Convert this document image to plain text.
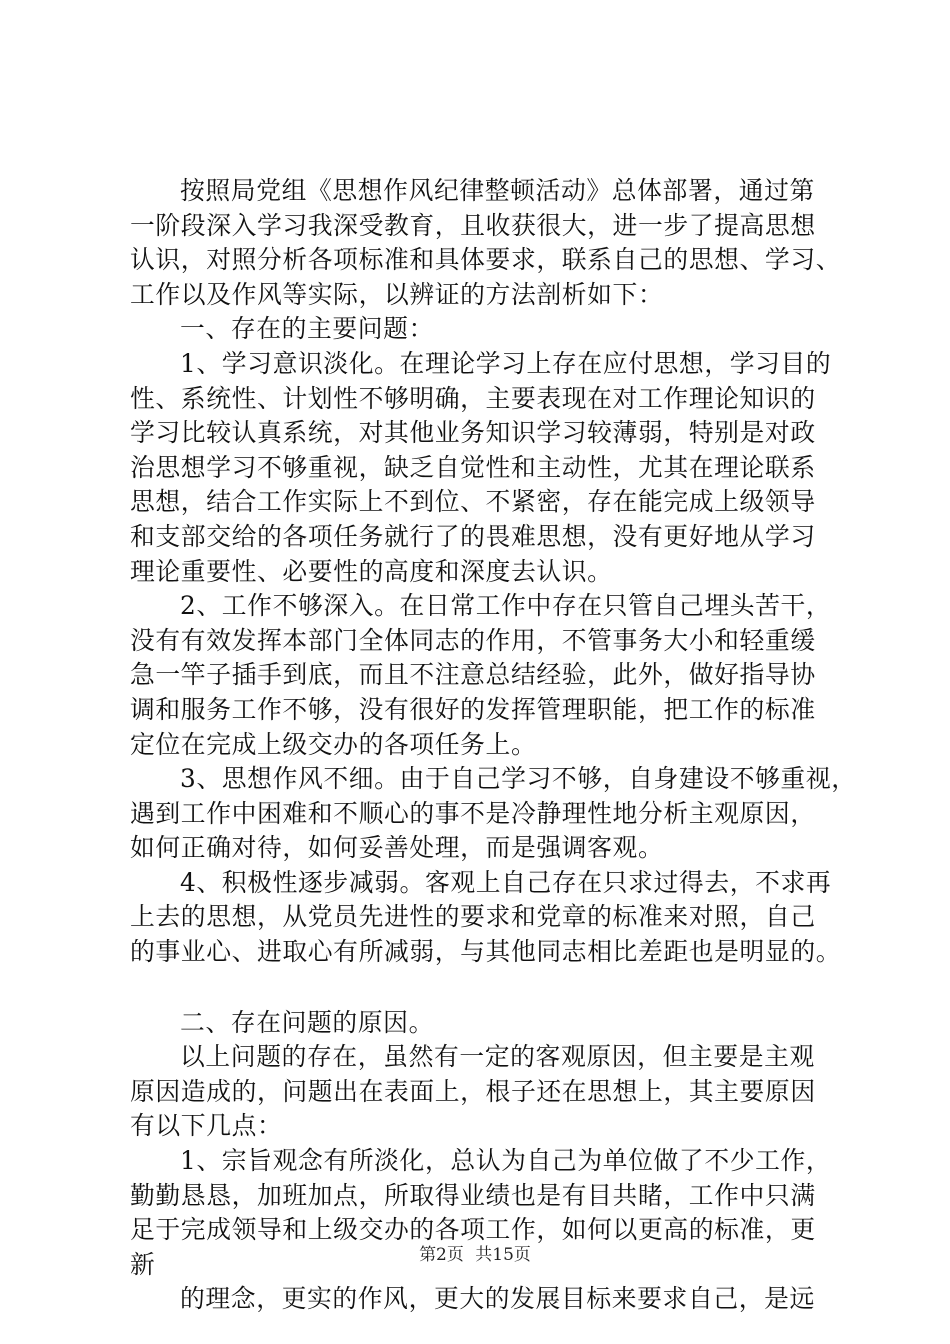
按照局党组《思想作风纪律整顿活动》总体部署，通过第
一阶段深入学习我深受教育，且收获很大，进一步了提高思想
认识，对照分析各项标准和具体要求，联系自己的思想、学习、
工作以及作风等实际，以辨证的方法剖析如下：
一、存在的主要问题：
1、学习意识淡化。在理论学习上存在应付思想，学习目的
性、系统性、计划性不够明确，主要表现在对工作理论知识的
学习比较认真系统，对其他业务知识学习较薄弱，特别是对政
治思想学习不够重视，缺乏自觉性和主动性，尤其在理论联系
思想，结合工作实际上不到位、不紧密，存在能完成上级领导
和支部交给的各项任务就行了的畏难思想，没有更好地从学习
理论重要性、必要性的高度和深度去认识。
2、工作不够深入。在日常工作中存在只管自己埋头苦干，
没有有效发挥本部门全体同志的作用，不管事务大小和轻重缓
急一竿子插手到底，而且不注意总结经验，此外，做好指导协
调和服务工作不够，没有很好的发挥管理职能，把工作的标准
定位在完成上级交办的各项任务上。
3、思想作风不细。由于自己学习不够，自身建设不够重视，
遇到工作中困难和不顺心的事不是冷静理性地分析主观原因，
如何正确对待，如何妥善处理，而是强调客观。
4、积极性逐步减弱。客观上自己存在只求过得去，不求再
上去的思想，从党员先进性的要求和党章的标准来对照，自己
的事业心、进取心有所减弱，与其他同志相比差距也是明显的。
二、存在问题的原因。
以上问题的存在，虽然有一定的客观原因，但主要是主观
原因造成的，问题出在表面上，根子还在思想上，其主要原因
有以下几点：
1、宗旨观念有所淡化，总认为自己为单位做了不少工作，
勤勤恳恳，加班加点，所取得业绩也是有目共睹，工作中只满
足于完成领导和上级交办的各项工作，如何以更高的标准，更
新
的理念，更实的作风，更大的发展目标来要求自己，是远
第2页 共15页
